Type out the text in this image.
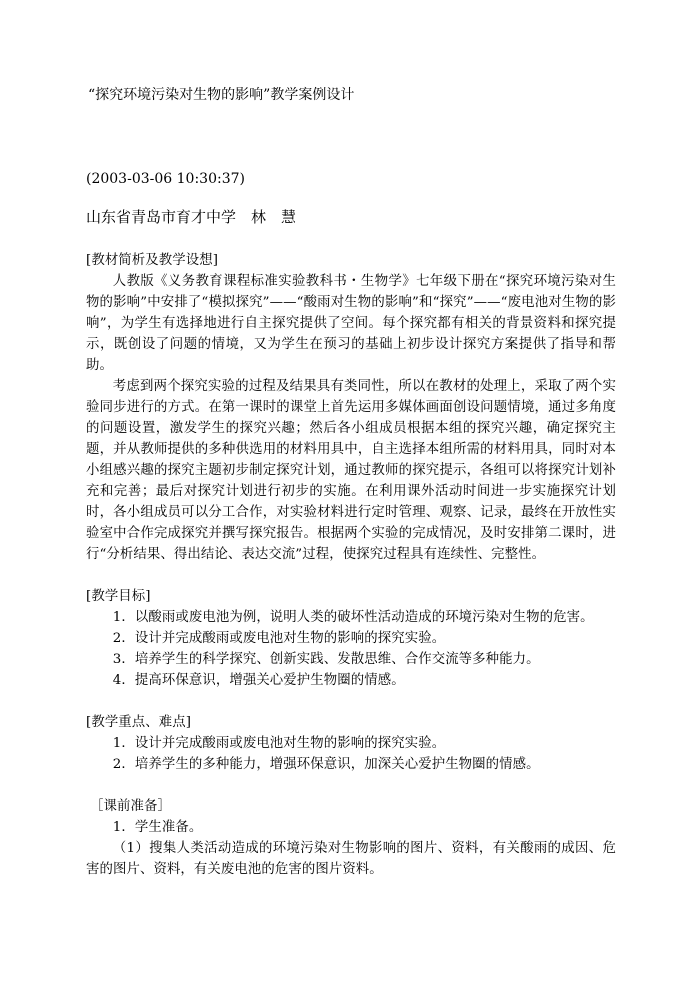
“探究环境污染对生物的影响”教学案例设计
(2003-03-06 10:30:37)
山东省青岛市育才中学　林　慧

[教材简析及教学设想]

人教版《义务教育课程标准实验教科书・生物学》七年级下册在“探究环境污染对生物的影响”中安排了“模拟探究”——“酸雨对生物的影响”和“探究”——“废电池对生物的影响”，为学生有选择地进行自主探究提供了空间。每个探究都有相关的背景资料和探究提示，既创设了问题的情境，又为学生在预习的基础上初步设计探究方案提供了指导和帮助。

考虑到两个探究实验的过程及结果具有类同性，所以在教材的处理上，采取了两个实验同步进行的方式。在第一课时的课堂上首先运用多媒体画面创设问题情境，通过多角度的问题设置，激发学生的探究兴趣；然后各小组成员根据本组的探究兴趣，确定探究主题，并从教师提供的多种供选用的材料用具中，自主选择本组所需的材料用具，同时对本小组感兴趣的探究主题初步制定探究计划，通过教师的探究提示，各组可以将探究计划补充和完善；最后对探究计划进行初步的实施。在利用课外活动时间进一步实施探究计划时，各小组成员可以分工合作，对实验材料进行定时管理、观察、记录，最终在开放性实验室中合作完成探究并撰写探究报告。根据两个实验的完成情况，及时安排第二课时，进行“分析结果、得出结论、表达交流”过程，使探究过程具有连续性、完整性。

[教学目标]

1．以酸雨或废电池为例，说明人类的破坏性活动造成的环境污染对生物的危害。
2．设计并完成酸雨或废电池对生物的影响的探究实验。
3．培养学生的科学探究、创新实践、发散思维、合作交流等多种能力。
4．提高环保意识，增强关心爱护生物圈的情感。

[教学重点、难点]

1．设计并完成酸雨或废电池对生物的影响的探究实验。
2．培养学生的多种能力，增强环保意识，加深关心爱护生物圈的情感。

［课前准备］

1．学生准备。

（1）搜集人类活动造成的环境污染对生物影响的图片、资料，有关酸雨的成因、危害的图片、资料，有关废电池的危害的图片资料。
